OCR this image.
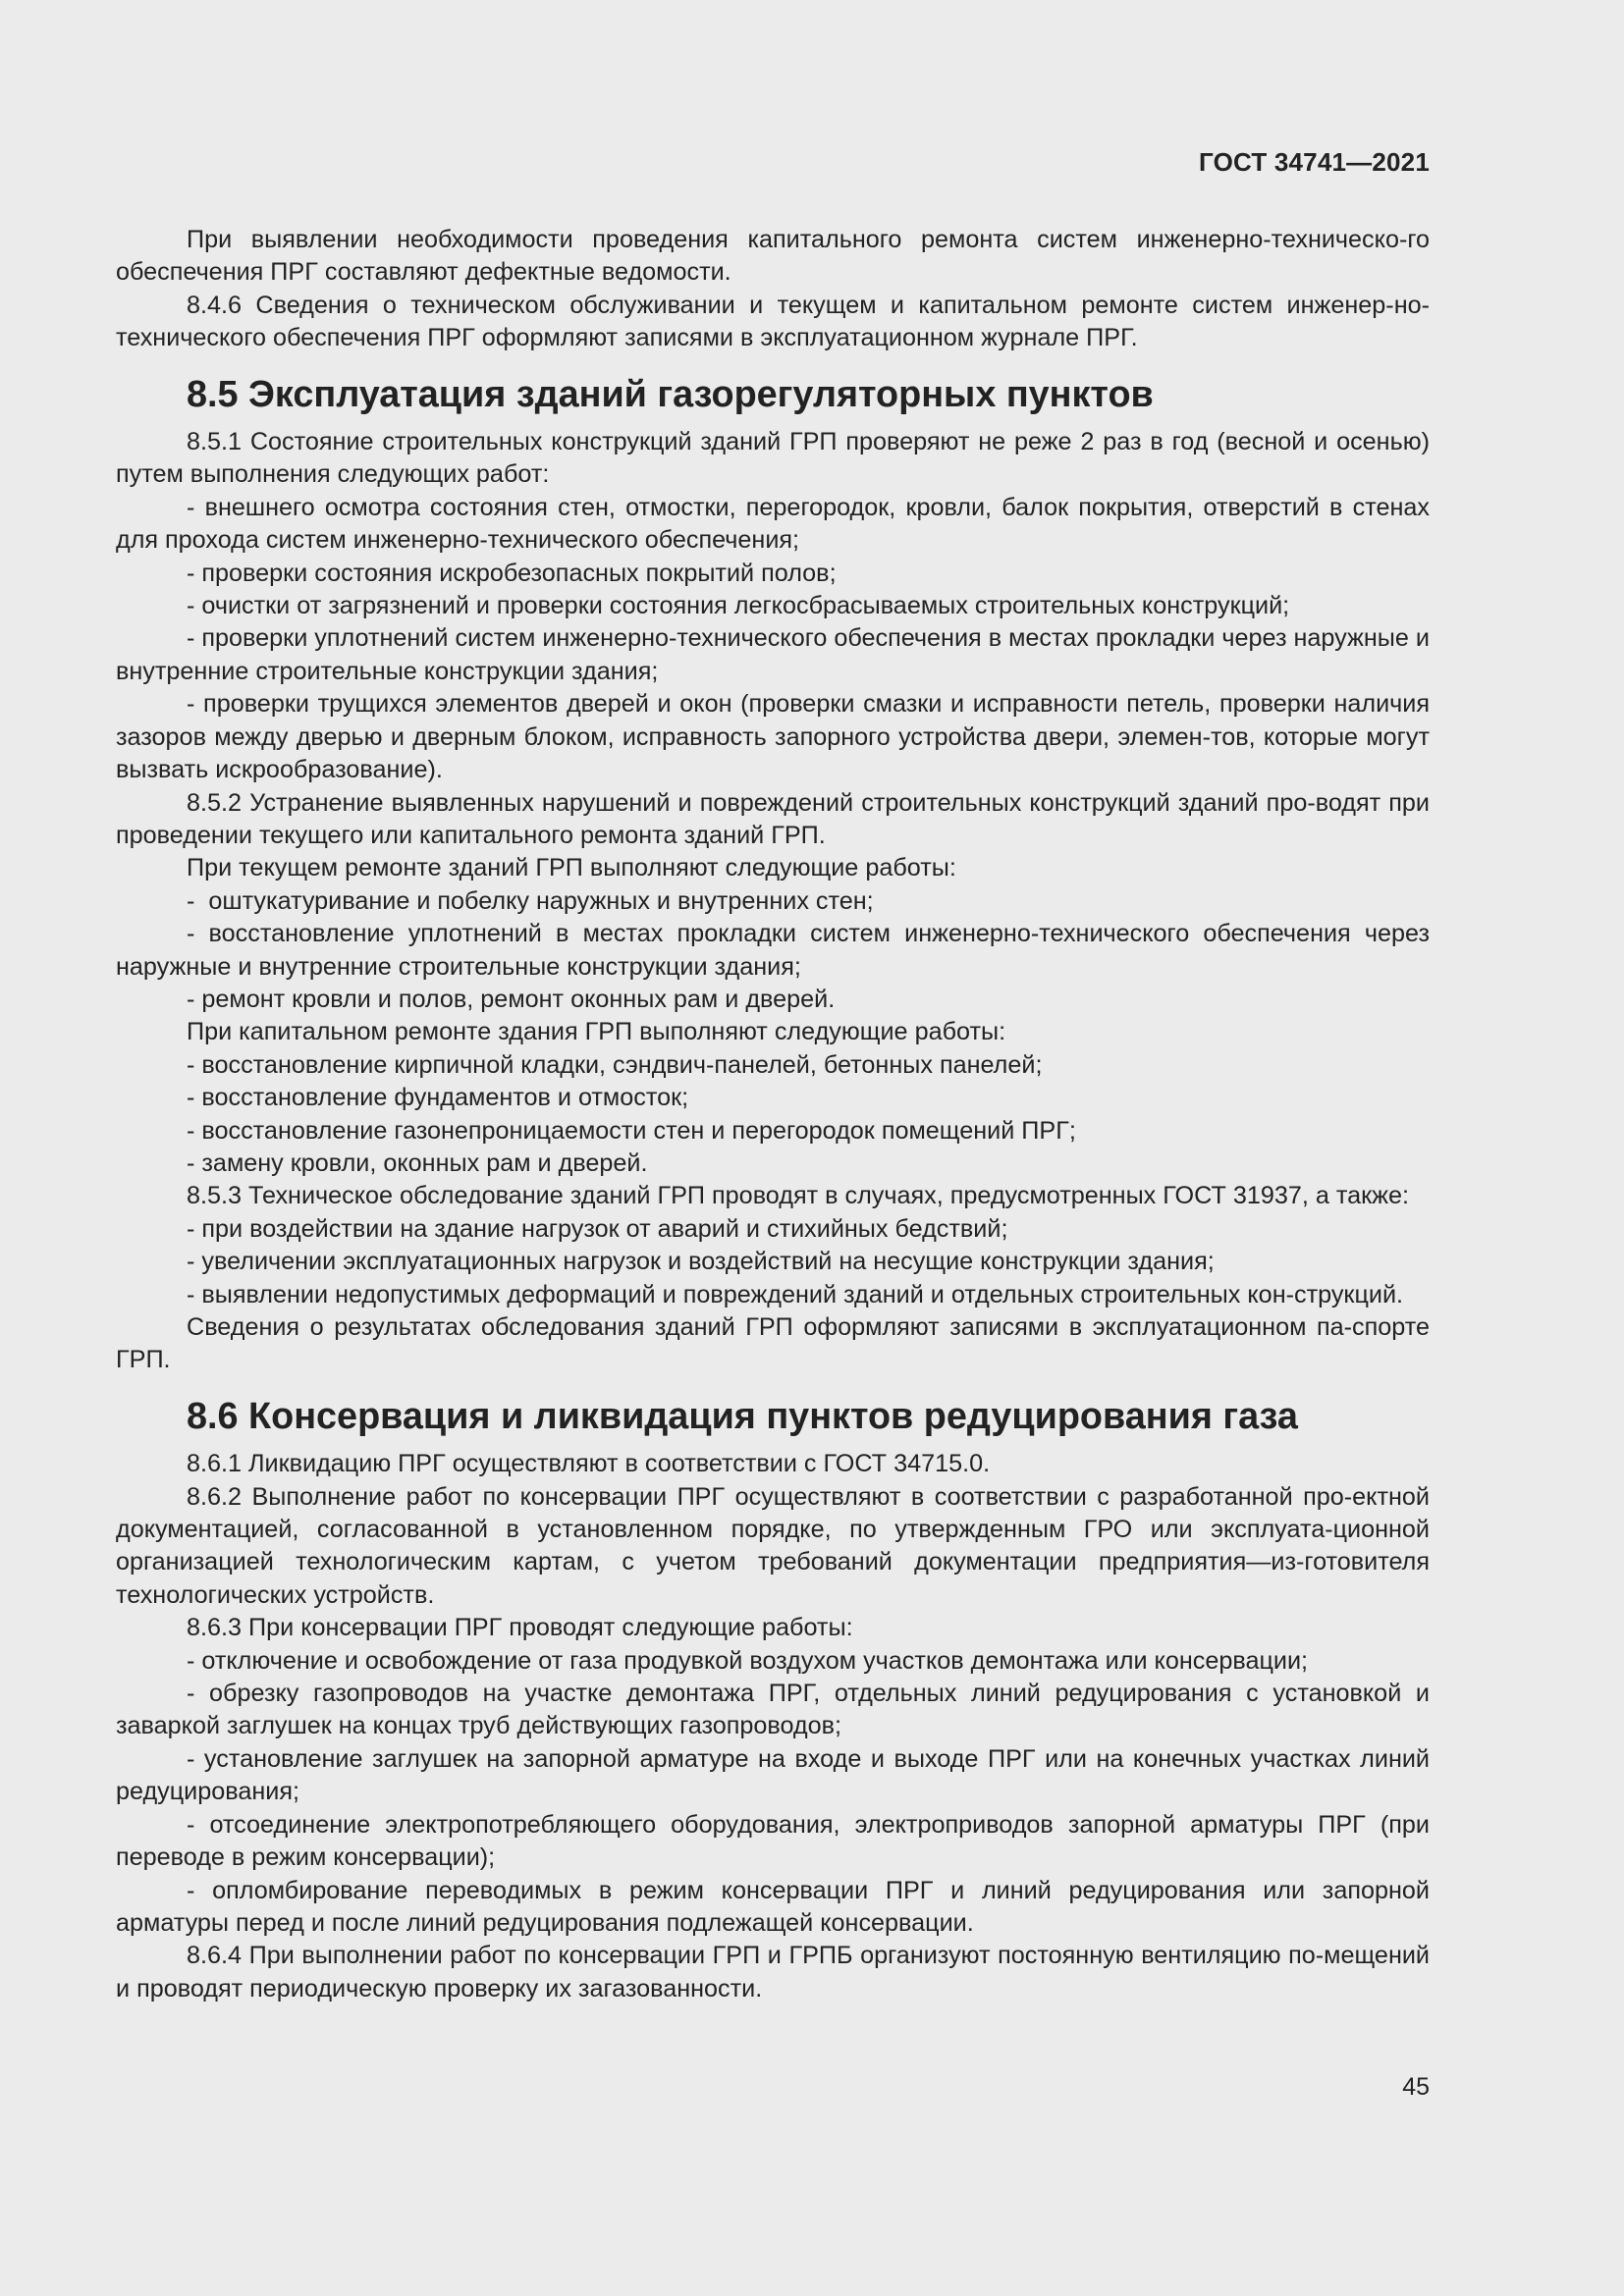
ГОСТ 34741—2021

При выявлении необходимости проведения капитального ремонта систем инженерно-техническо-го обеспечения ПРГ составляют дефектные ведомости.

8.4.6 Сведения о техническом обслуживании и текущем и капитальном ремонте систем инженер-но-технического обеспечения ПРГ оформляют записями в эксплуатационном журнале ПРГ.

8.5 Эксплуатация зданий газорегуляторных пунктов

8.5.1 Состояние строительных конструкций зданий ГРП проверяют не реже 2 раз в год (весной и осенью) путем выполнения следующих работ:

- внешнего осмотра состояния стен, отмостки, перегородок, кровли, балок покрытия, отверстий в стенах для прохода систем инженерно-технического обеспечения;

- проверки состояния искробезопасных покрытий полов;

- очистки от загрязнений и проверки состояния легкосбрасываемых строительных конструкций;

- проверки уплотнений систем инженерно-технического обеспечения в местах прокладки через наружные и внутренние строительные конструкции здания;

- проверки трущихся элементов дверей и окон (проверки смазки и исправности петель, проверки наличия зазоров между дверью и дверным блоком, исправность запорного устройства двери, элемен-тов, которые могут вызвать искрообразование).

8.5.2 Устранение выявленных нарушений и повреждений строительных конструкций зданий про-водят при проведении текущего или капитального ремонта зданий ГРП.

При текущем ремонте зданий ГРП выполняют следующие работы:

-  оштукатуривание и побелку наружных и внутренних стен;

- восстановление уплотнений в местах прокладки систем инженерно-технического обеспечения через наружные и внутренние строительные конструкции здания;

- ремонт кровли и полов, ремонт оконных рам и дверей.

При капитальном ремонте здания ГРП выполняют следующие работы:

- восстановление кирпичной кладки, сэндвич-панелей, бетонных панелей;

- восстановление фундаментов и отмосток;

- восстановление газонепроницаемости стен и перегородок помещений ПРГ;

- замену кровли, оконных рам и дверей.

8.5.3 Техническое обследование зданий ГРП проводят в случаях, предусмотренных ГОСТ 31937, а также:

- при воздействии на здание нагрузок от аварий и стихийных бедствий;

- увеличении эксплуатационных нагрузок и воздействий на несущие конструкции здания;

- выявлении недопустимых деформаций и повреждений зданий и отдельных строительных кон-струкций.

Сведения о результатах обследования зданий ГРП оформляют записями в эксплуатационном па-спорте ГРП.

8.6 Консервация и ликвидация пунктов редуцирования газа

8.6.1 Ликвидацию ПРГ осуществляют в соответствии с ГОСТ 34715.0.

8.6.2 Выполнение работ по консервации ПРГ осуществляют в соответствии с разработанной про-ектной документацией, согласованной в установленном порядке, по утвержденным ГРО или эксплуата-ционной организацией технологическим картам, с учетом требований документации предприятия—из-готовителя технологических устройств.

8.6.3 При консервации ПРГ проводят следующие работы:

- отключение и освобождение от газа продувкой воздухом участков демонтажа или консервации;

- обрезку газопроводов на участке демонтажа ПРГ, отдельных линий редуцирования с установкой и заваркой заглушек на концах труб действующих газопроводов;

- установление заглушек на запорной арматуре на входе и выходе ПРГ или на конечных участках линий редуцирования;

- отсоединение электропотребляющего оборудования, электроприводов запорной арматуры ПРГ (при переводе в режим консервации);

- опломбирование переводимых в режим консервации ПРГ и линий редуцирования или запорной арматуры перед и после линий редуцирования подлежащей консервации.

8.6.4 При выполнении работ по консервации ГРП и ГРПБ организуют постоянную вентиляцию по-мещений и проводят периодическую проверку их загазованности.

45
